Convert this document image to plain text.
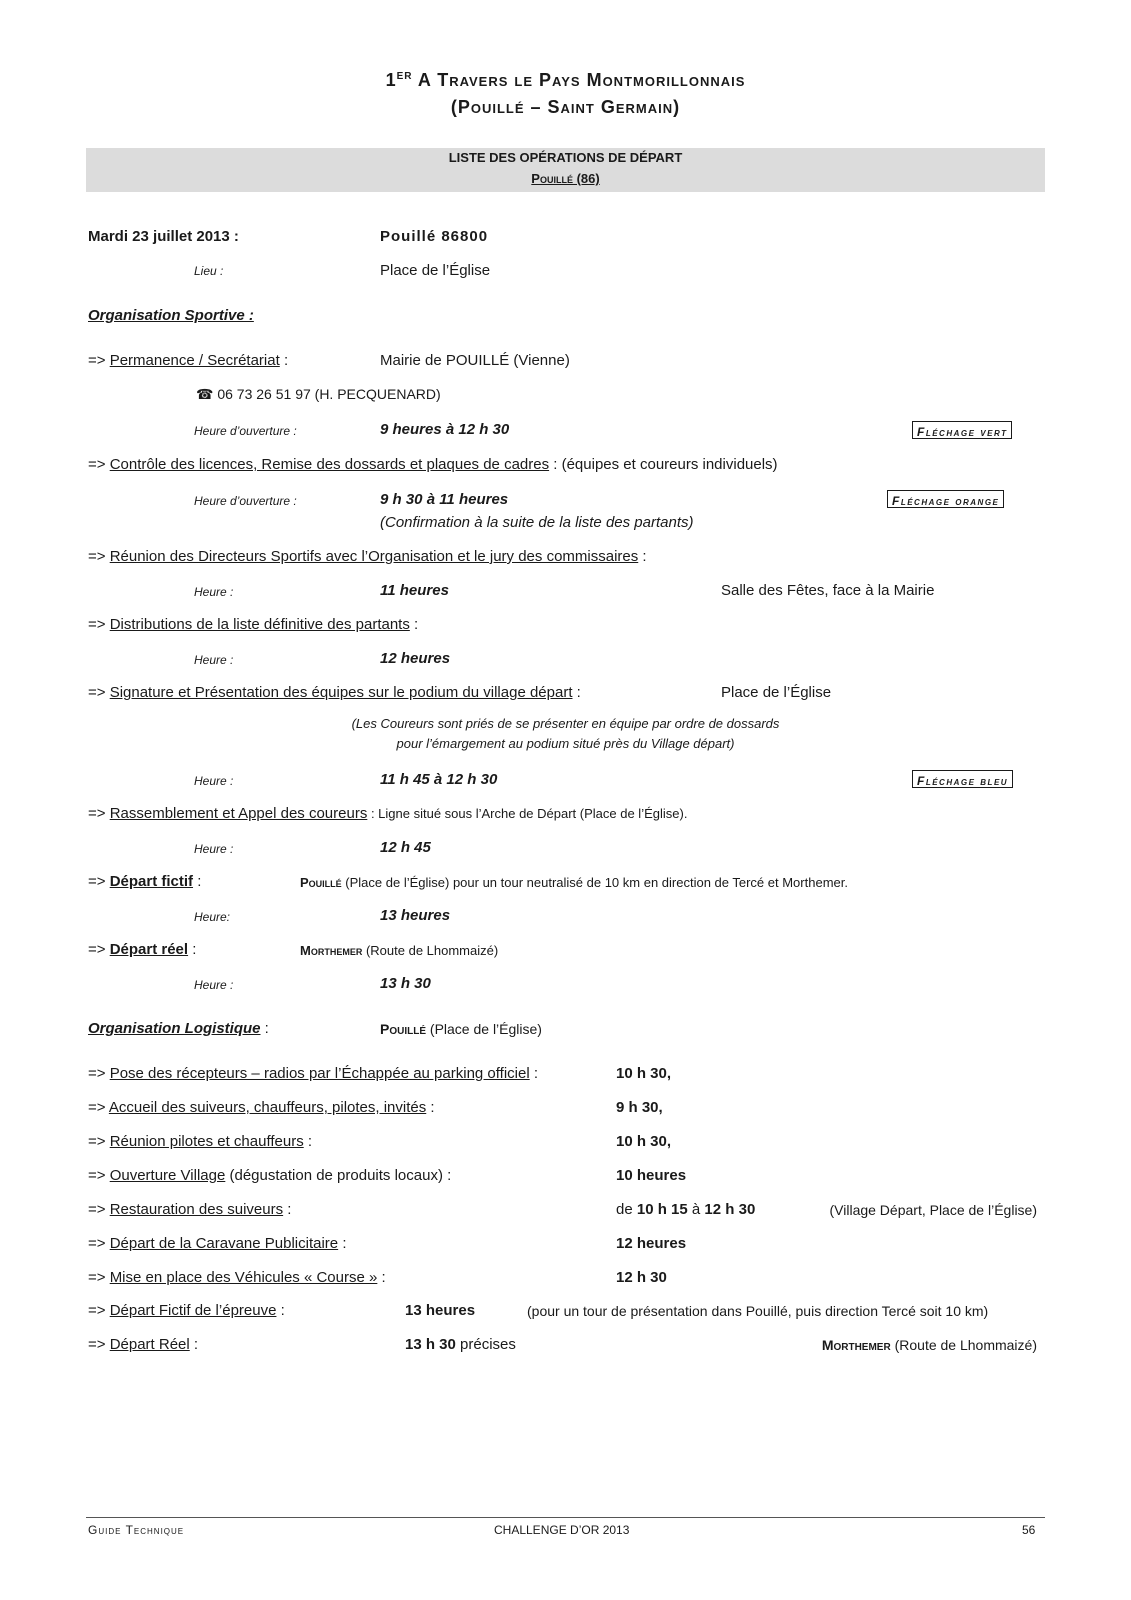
1ER A Travers le Pays Montmorillonnais
(Pouillé – Saint Germain)
LISTE DES OPÉRATIONS DE DÉPART
Pouillé (86)
Mardi 23 juillet 2013 :	Pouillé 86800
Lieu :	Place de l’Église
Organisation Sportive :
=> Permanence / Secrétariat :	Mairie de POUILLÉ (Vienne)
☎ 06 73 26 51 97 (H. PECQUENARD)
Heure d’ouverture :	9 heures à 12 h 30	Fléchage vert
=> Contrôle des licences, Remise des dossards et plaques de cadres : (équipes et coureurs individuels)
Heure d’ouverture :	9 h 30 à 11 heures	Fléchage orange
(Confirmation à la suite de la liste des partants)
=> Réunion des Directeurs Sportifs avec l’Organisation et le jury des commissaires :
Heure :	11 heures	Salle des Fêtes, face à la Mairie
=> Distributions de la liste définitive des partants :
Heure :	12 heures
=> Signature et Présentation des équipes sur le podium du village départ :	Place de l’Église
(Les Coureurs sont priés de se présenter en équipe par ordre de dossards
pour l’émargement au podium situé près du Village départ)
Heure :	11 h 45 à 12 h 30	Fléchage bleu
=> Rassemblement et Appel des coureurs : Ligne situé sous l’Arche de Départ (Place de l’Église).
Heure :	12 h 45
=> Départ fictif :	Pouillé (Place de l’Église) pour un tour neutralisé de 10 km en direction de Tercé et Morthemer.
Heure:	13 heures
=> Départ réel :	Morthemer (Route de Lhommaizé)
Heure :	13 h 30
Organisation Logistique :	Pouillé (Place de l’Église)
=> Pose des récepteurs – radios par l’Échappée au parking officiel :	10 h 30,
=> Accueil des suiveurs, chauffeurs, pilotes, invités :	9 h 30,
=> Réunion pilotes et chauffeurs :	10 h 30,
=> Ouverture Village (dégustation de produits locaux) :	10 heures
=> Restauration des suiveurs :	de 10 h 15 à 12 h 30	(Village Départ, Place de l’Église)
=> Départ de la Caravane Publicitaire :	12 heures
=> Mise en place des Véhicules « Course » :	12 h 30
=> Départ Fictif de l’épreuve :	13 heures	(pour un tour de présentation dans Pouillé, puis direction Tercé soit 10 km)
=> Départ Réel :	13 h 30 précises	Morthemer (Route de Lhommaizé)
Guide Technique	CHALLENGE D’OR 2013	56
